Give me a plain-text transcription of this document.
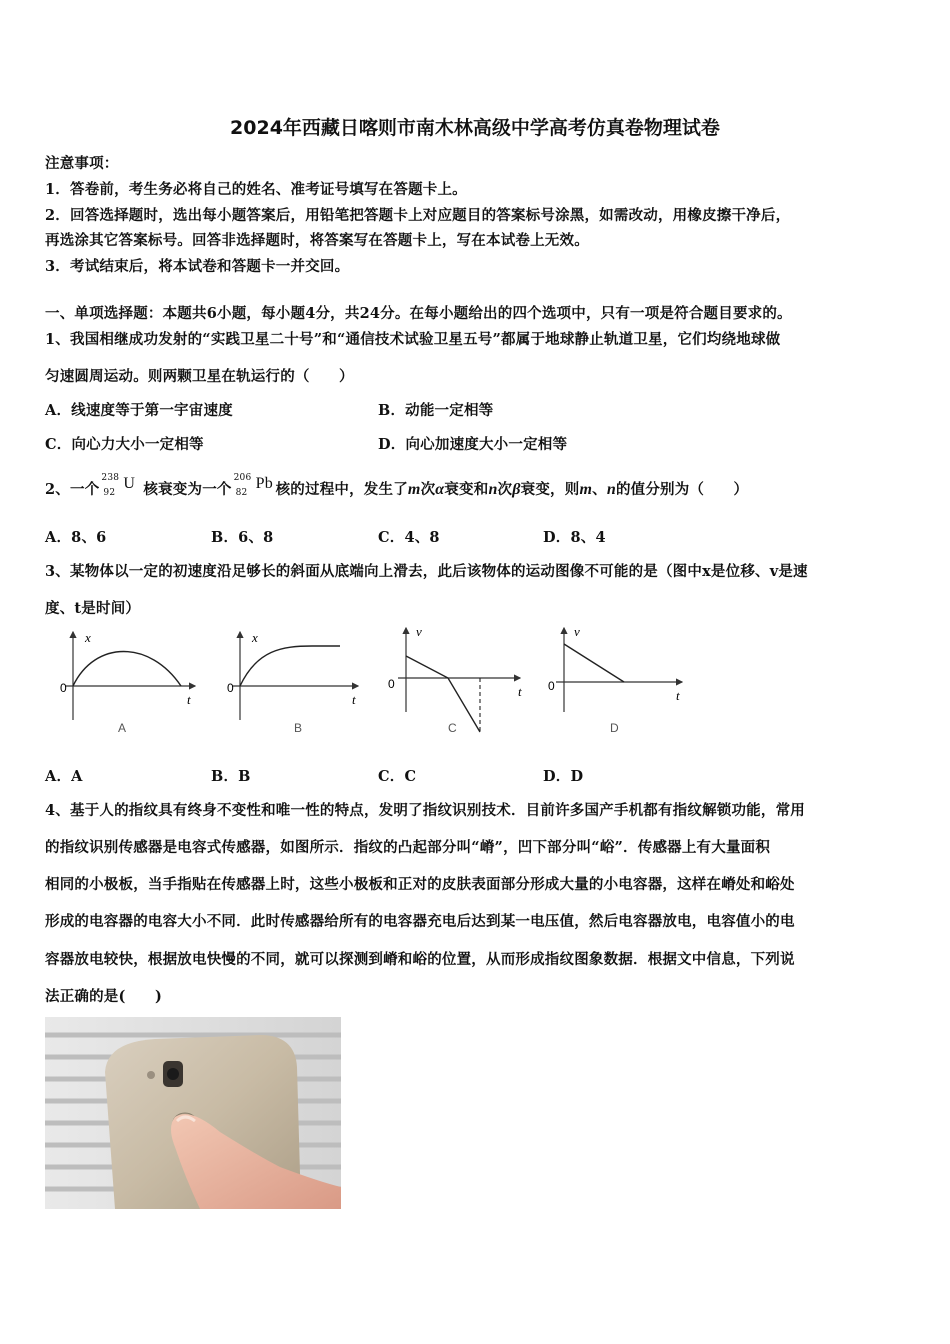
2024年西藏日喀则市南木林高级中学高考仿真卷物理试卷
注意事项：
1．答卷前，考生务必将自己的姓名、准考证号填写在答题卡上。
2．回答选择题时，选出每小题答案后，用铅笔把答题卡上对应题目的答案标号涂黑，如需改动，用橡皮擦干净后，
再选涂其它答案标号。回答非选择题时，将答案写在答题卡上，写在本试卷上无效。
3．考试结束后，将本试卷和答题卡一并交回。
一、单项选择题：本题共6小题，每小题4分，共24分。在每小题给出的四个选项中，只有一项是符合题目要求的。
1、我国相继成功发射的“实践卫星二十号”和“通信技术试验卫星五号”都属于地球静止轨道卫星，它们均绕地球做
匀速圆周运动。则两颗卫星在轨运行的（　　）
A．线速度等于第一宇宙速度	B．动能一定相等
C．向心力大小一定相等	D．向心加速度大小一定相等
2、一个
238
92
U 核衰变为一个
206
82
Pb 核的过程中，发生了m次α衰变和n次β衰变，则m、n的值分别为（　　）
A．8、6	B．6、8	C．4、8	D．8、4
3、某物体以一定的初速度沿足够长的斜面从底端向上滑去，此后该物体的运动图像不可能的是（图中x是位移、v是速
度、t是时间）
x
0
t
A
x
0
t
B
v
0	t
C
v
0
t
D
A．A	B．B	C．C	D．D
4、基于人的指纹具有终身不变性和唯一性的特点，发明了指纹识别技术．目前许多国产手机都有指纹解锁功能，常用
的指纹识别传感器是电容式传感器，如图所示．指纹的凸起部分叫“嵴”，凹下部分叫“峪”．传感器上有大量面积
相同的小极板，当手指贴在传感器上时，这些小极板和正对的皮肤表面部分形成大量的小电容器，这样在嵴处和峪处
形成的电容器的电容大小不同．此时传感器给所有的电容器充电后达到某一电压值，然后电容器放电，电容值小的电
容器放电较快，根据放电快慢的不同，就可以探测到嵴和峪的位置，从而形成指纹图象数据．根据文中信息，下列说
法正确的是(　　)
